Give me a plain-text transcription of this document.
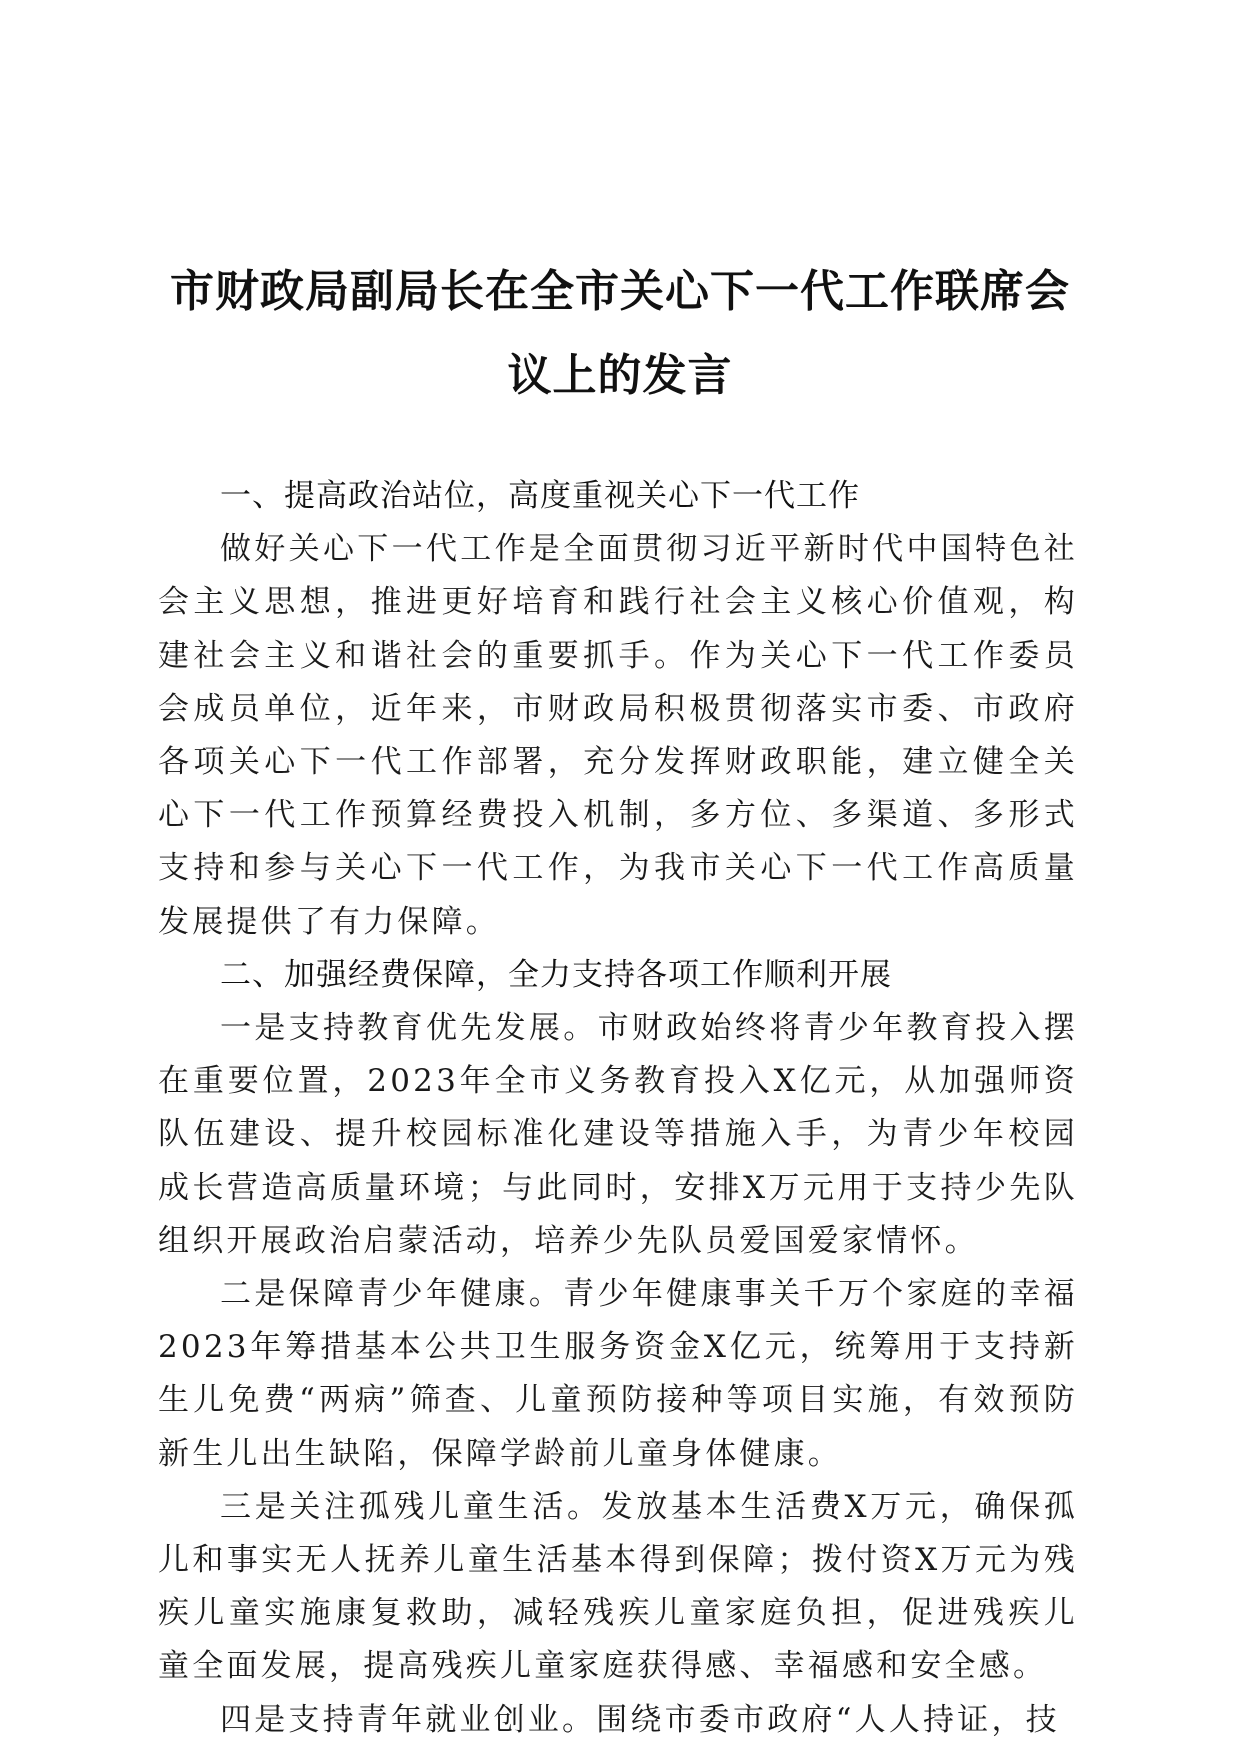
市财政局副局长在全市关心下一代工作联席会
议上的发言
一、提高政治站位，高度重视关心下一代工作

做好关心下一代工作是全面贯彻习近平新时代中国特色社会主义思想，推进更好培育和践行社会主义核心价值观，构建社会主义和谐社会的重要抓手。作为关心下一代工作委员会成员单位，近年来，市财政局积极贯彻落实市委、市政府各项关心下一代工作部署，充分发挥财政职能，建立健全关心下一代工作预算经费投入机制，多方位、多渠道、多形式支持和参与关心下一代工作，为我市关心下一代工作高质量发展提供了有力保障。

二、加强经费保障，全力支持各项工作顺利开展

一是支持教育优先发展。市财政始终将青少年教育投入摆在重要位置，2023年全市义务教育投入X亿元，从加强师资队伍建设、提升校园标准化建设等措施入手，为青少年校园成长营造高质量环境；与此同时，安排X万元用于支持少先队组织开展政治启蒙活动，培养少先队员爱国爱家情怀。

二是保障青少年健康。青少年健康事关千万个家庭的幸福2023年筹措基本公共卫生服务资金X亿元，统筹用于支持新生儿免费“两病”筛查、儿童预防接种等项目实施，有效预防新生儿出生缺陷，保障学龄前儿童身体健康。

三是关注孤残儿童生活。发放基本生活费X万元，确保孤儿和事实无人抚养儿童生活基本得到保障；拨付资X万元为残疾儿童实施康复救助，减轻残疾儿童家庭负担，促进残疾儿童全面发展，提高残疾儿童家庭获得感、幸福感和安全感。

四是支持青年就业创业。围绕市委市政府“人人持证，技
